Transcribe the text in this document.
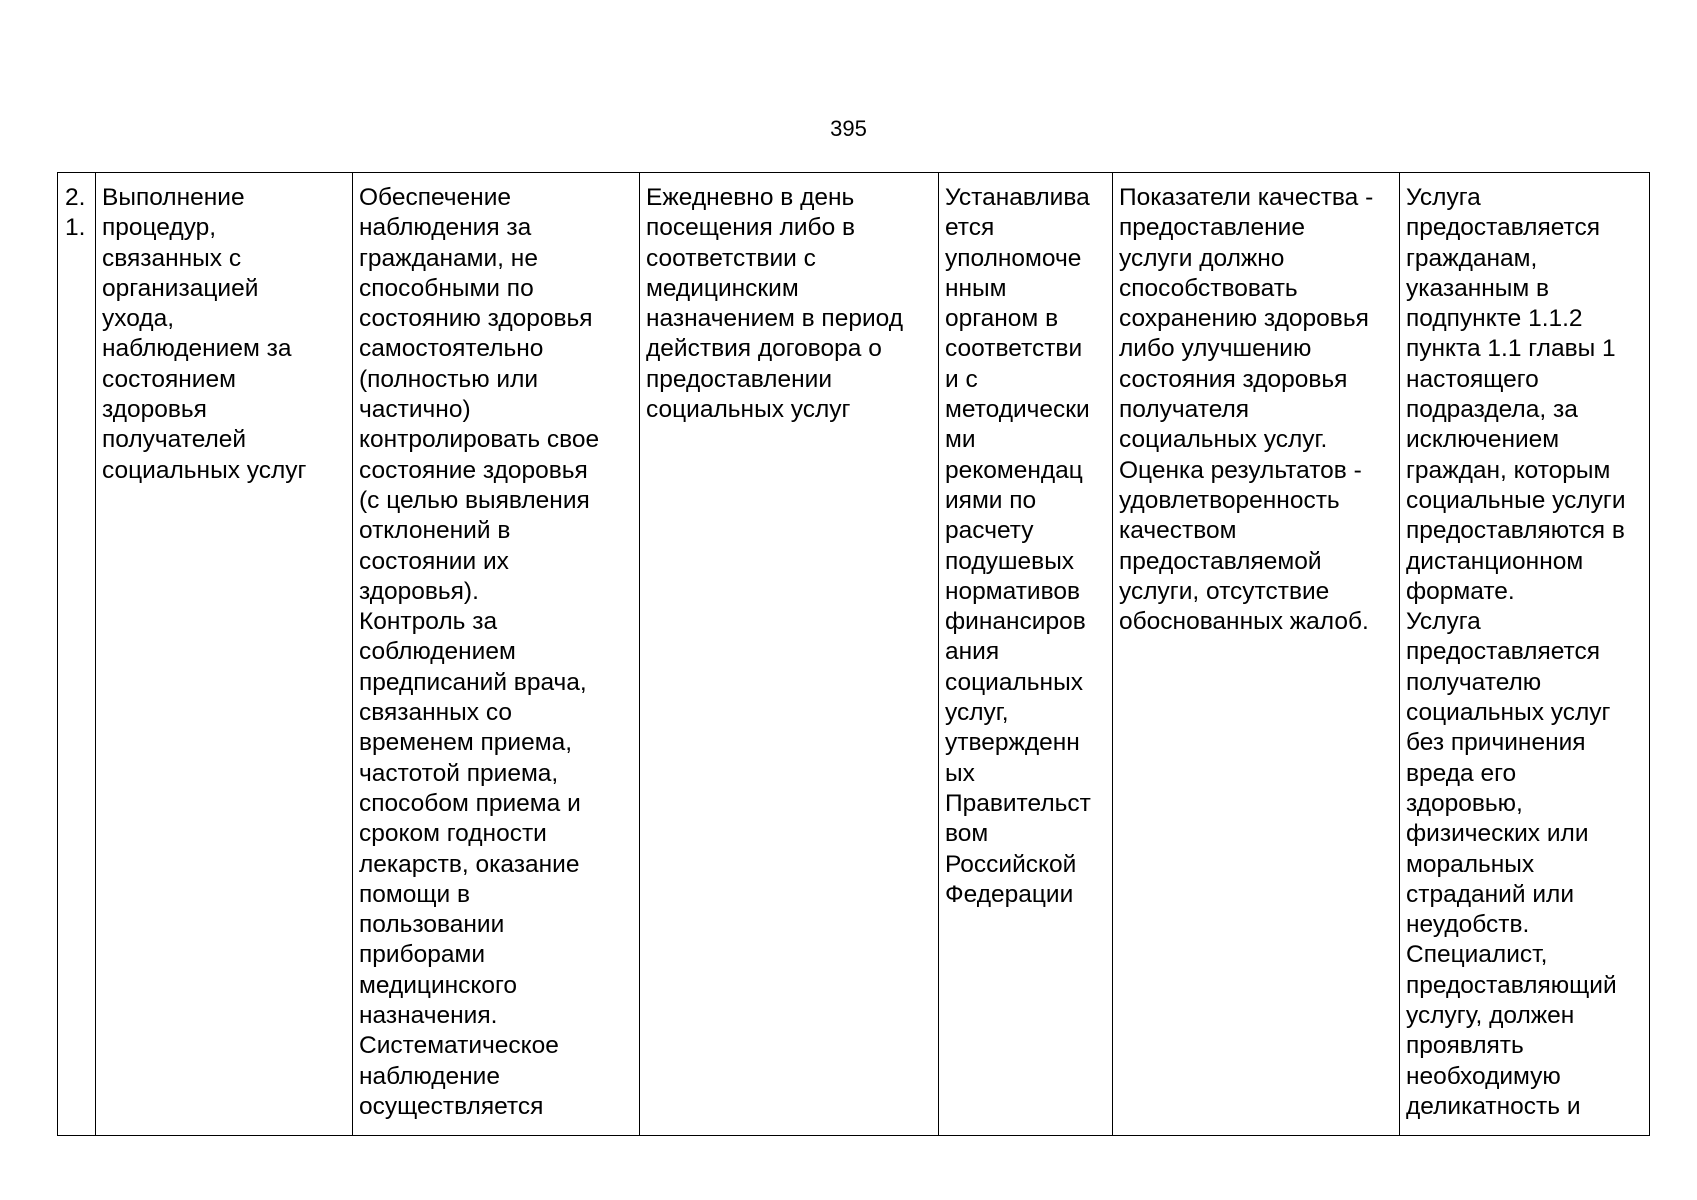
395
2.
1.

Выполнение
процедур,
связанных с
организацией
ухода,
наблюдением за
состоянием
здоровья
получателей
социальных услуг

Обеспечение
наблюдения за
гражданами, не
способными по
состоянию здоровья
самостоятельно
(полностью или
частично)
контролировать свое
состояние здоровья
(с целью выявления
отклонений в
состоянии их
здоровья).
Контроль за
соблюдением
предписаний врача,
связанных со
временем приема,
частотой приема,
способом приема и
сроком годности
лекарств, оказание
помощи в
пользовании
приборами
медицинского
назначения.
Систематическое
наблюдение
осуществляется

Ежедневно в день
посещения либо в
соответствии с
медицинским
назначением в период
действия договора о
предоставлении
социальных услуг

Устанавлива
ется
уполномоче
нным
органом в
соответстви
и с
методически
ми
рекомендац
иями по
расчету
подушевых
нормативов
финансиров
ания
социальных
услуг,
утвержденн
ых
Правительст
вом
Российской
Федерации

Показатели качества -
предоставление
услуги должно
способствовать
сохранению здоровья
либо улучшению
состояния здоровья
получателя
социальных услуг.
Оценка результатов -
удовлетворенность
качеством
предоставляемой
услуги, отсутствие
обоснованных жалоб.

Услуга
предоставляется
гражданам,
указанным в
подпункте 1.1.2
пункта 1.1 главы 1
настоящего
подраздела, за
исключением
граждан, которым
социальные услуги
предоставляются в
дистанционном
формате.
Услуга
предоставляется
получателю
социальных услуг
без причинения
вреда его
здоровью,
физических или
моральных
страданий или
неудобств.
Специалист,
предоставляющий
услугу, должен
проявлять
необходимую
деликатность и
